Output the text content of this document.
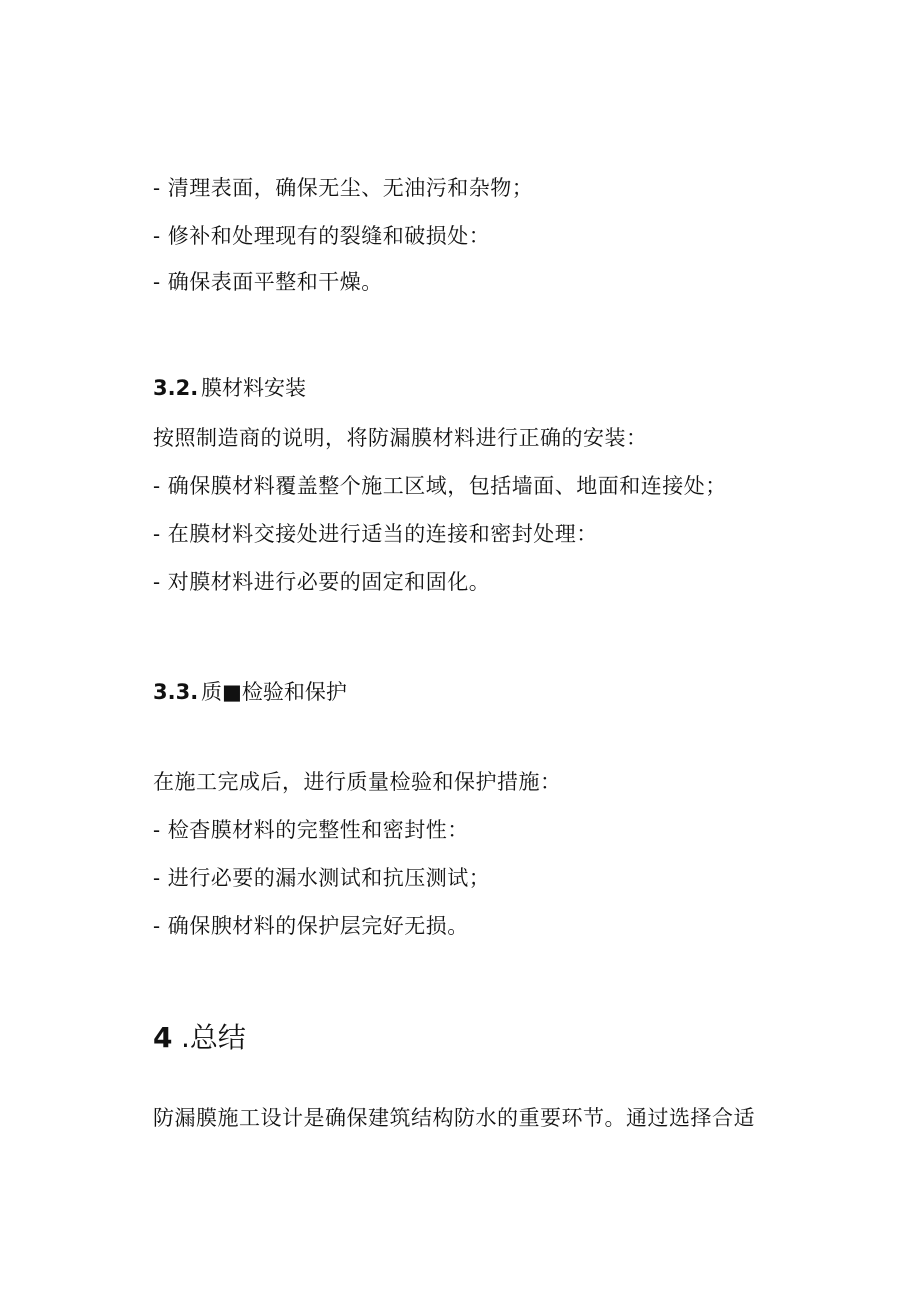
- 清理表面，确保无尘、无油污和杂物；
- 修补和处理现有的裂缝和破损处：
- 确保表面平整和干燥。
3.2. 膜材料安装
按照制造商的说明，将防漏膜材料进行正确的安装：
- 确保膜材料覆盖整个施工区域，包括墙面、地面和连接处；
- 在膜材料交接处进行适当的连接和密封处理：
- 对膜材料进行必要的固定和固化。
3.3. 质■检验和保护
在施工完成后，进行质量检验和保护措施：
- 检杳膜材料的完整性和密封性：
- 进行必要的漏水测试和抗压测试；
- 确保腴材料的保护层完好无损。
4 .总结
防漏膜施工设计是确保建筑结构防水的重要环节。通过选择合适
